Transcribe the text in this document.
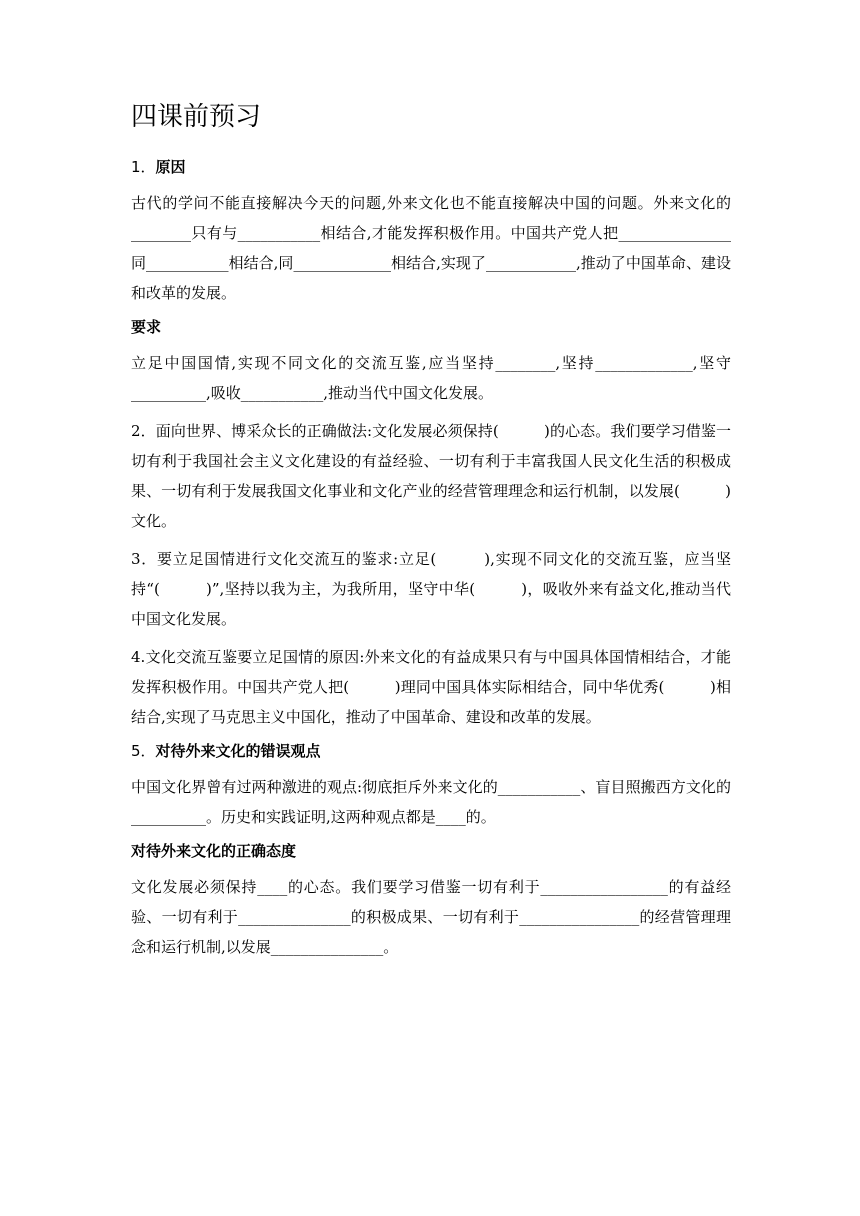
四课前预习
1．原因

古代的学问不能直接解决今天的问题,外来文化也不能直接解决中国的问题。外来文化的________只有与___________相结合,才能发挥积极作用。中国共产党人把_______________同___________相结合,同_____________相结合,实现了____________,推动了中国革命、建设和改革的发展。

要求

立足中国国情,实现不同文化的交流互鉴,应当坚持________,坚持_____________,坚守__________,吸收___________,推动当代中国文化发展。

2．面向世界、博采众长的正确做法:文化发展必须保持(　　　)的心态。我们要学习借鉴一切有利于我国社会主义文化建设的有益经验、一切有利于丰富我国人民文化生活的积极成果、一切有利于发展我国文化事业和文化产业的经营管理理念和运行机制，以发展(　　　)文化。

3．要立足国情进行文化交流互的鉴求:立足(　　　),实现不同文化的交流互鉴，应当坚持“(　　　)”,坚持以我为主，为我所用，坚守中华(　　　)，吸收外来有益文化,推动当代中国文化发展。

4.文化交流互鉴要立足国情的原因:外来文化的有益成果只有与中国具体国情相结合，才能发挥积极作用。中国共产党人把(　　　)理同中国具体实际相结合，同中华优秀(　　　)相结合,实现了马克思主义中国化，推动了中国革命、建设和改革的发展。

5．对待外来文化的错误观点

中国文化界曾有过两种激进的观点:彻底拒斥外来文化的___________、盲目照搬西方文化的__________。历史和实践证明,这两种观点都是____的。

对待外来文化的正确态度

文化发展必须保持____的心态。我们要学习借鉴一切有利于_________________的有益经验、一切有利于_______________的积极成果、一切有利于________________的经营管理理念和运行机制,以发展_______________。
